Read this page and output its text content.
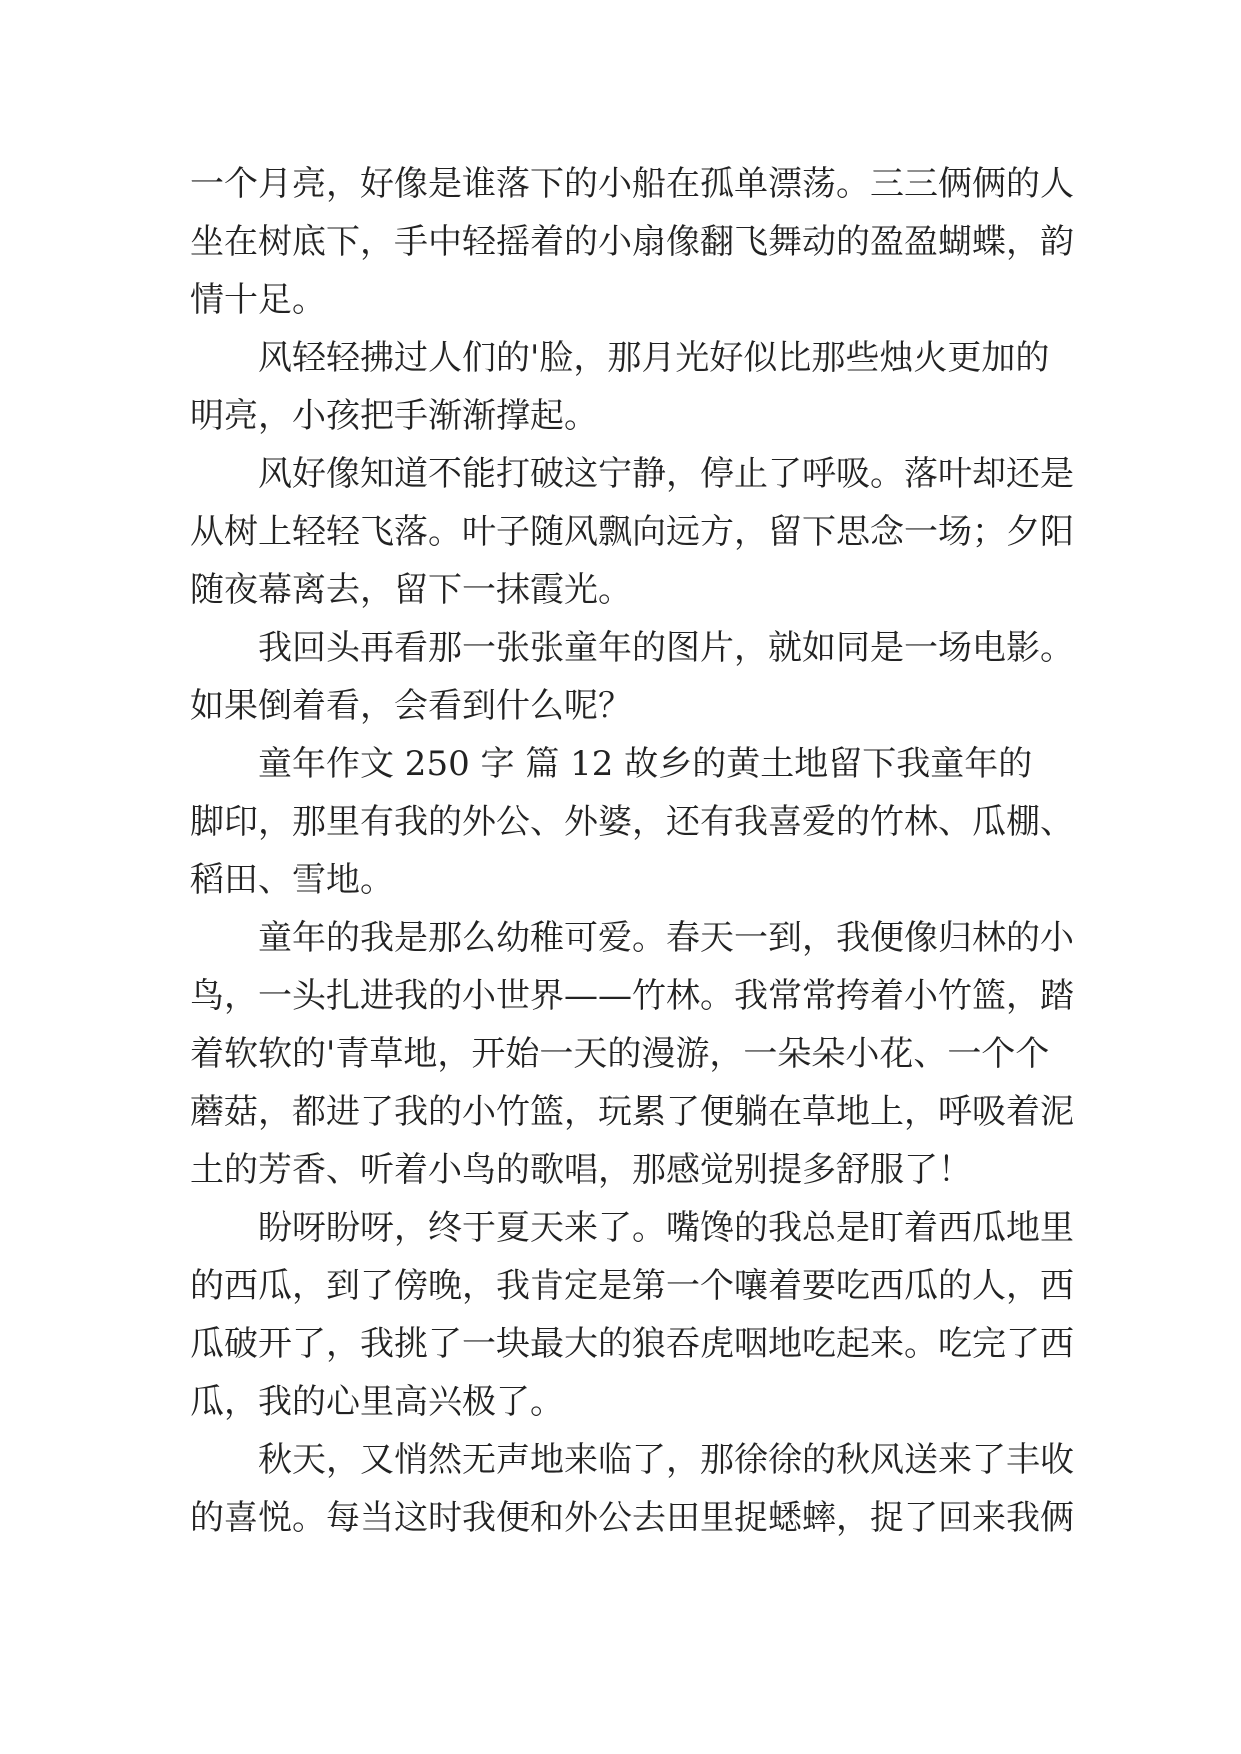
一个月亮，好像是谁落下的小船在孤单漂荡。三三俩俩的人
坐在树底下，手中轻摇着的小扇像翻飞舞动的盈盈蝴蝶，韵
情十足。
风轻轻拂过人们的'脸，那月光好似比那些烛火更加的
明亮，小孩把手渐渐撑起。
风好像知道不能打破这宁静，停止了呼吸。落叶却还是
从树上轻轻飞落。叶子随风飘向远方，留下思念一场；夕阳
随夜幕离去，留下一抹霞光。
我回头再看那一张张童年的图片，就如同是一场电影。
如果倒着看，会看到什么呢？
童年作文 250 字 篇 12 故乡的黄土地留下我童年的
脚印，那里有我的外公、外婆，还有我喜爱的竹林、瓜棚、
稻田、雪地。
童年的我是那么幼稚可爱。春天一到，我便像归林的小
鸟，一头扎进我的小世界——竹林。我常常挎着小竹篮，踏
着软软的'青草地，开始一天的漫游，一朵朵小花、一个个
蘑菇，都进了我的小竹篮，玩累了便躺在草地上，呼吸着泥
土的芳香、听着小鸟的歌唱，那感觉别提多舒服了！
盼呀盼呀，终于夏天来了。嘴馋的我总是盯着西瓜地里
的西瓜，到了傍晚，我肯定是第一个嚷着要吃西瓜的人，西
瓜破开了，我挑了一块最大的狼吞虎咽地吃起来。吃完了西
瓜，我的心里高兴极了。
秋天，又悄然无声地来临了，那徐徐的秋风送来了丰收
的喜悦。每当这时我便和外公去田里捉蟋蟀，捉了回来我俩
